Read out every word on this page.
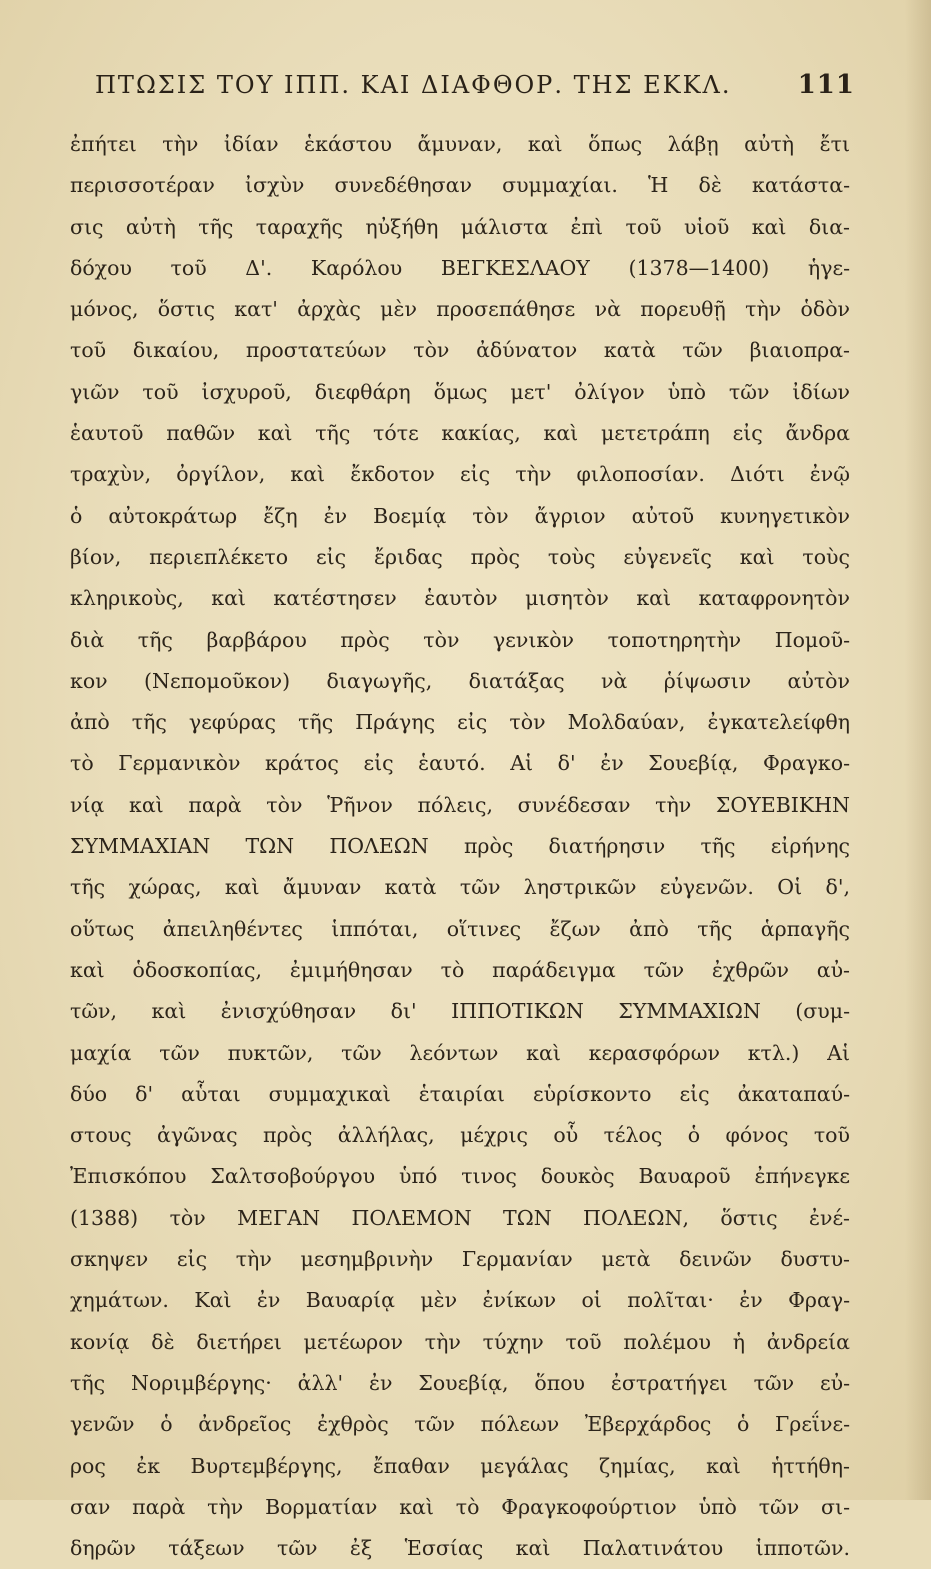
ΠΤΩΣΙΣ ΤΟΥ ΙΠΠ. ΚΑΙ ΔΙΑΦΘΟΡ. ΤΗΣ ΕΚΚΛ.	111
ἐπήτει τὴν ἰδίαν ἑκάστου ἄμυναν, καὶ ὅπως λάβῃ αὐτὴ ἔτι
περισσοτέραν ἰσχὺν συνεδέθησαν συμμαχίαι. Ἡ δὲ κατάστα-
σις αὐτὴ τῆς ταραχῆς ηὐξήθη μάλιστα ἐπὶ τοῦ υἱοῦ καὶ δια-
δόχου τοῦ Δ'. Καρόλου ΒΕΓΚΕΣΛΑΟΥ (1378—1400) ἡγε-
μόνος, ὅστις κατ' ἀρχὰς μὲν προσεπάθησε νὰ πορευθῇ τὴν ὁδὸν
τοῦ δικαίου, προστατεύων τὸν ἀδύνατον κατὰ τῶν βιαιοπρα-
γιῶν τοῦ ἰσχυροῦ, διεφθάρη ὅμως μετ' ὀλίγον ὑπὸ τῶν ἰδίων
ἑαυτοῦ παθῶν καὶ τῆς τότε κακίας, καὶ μετετράπη εἰς ἄνδρα
τραχὺν, ὀργίλον, καὶ ἔκδοτον εἰς τὴν φιλοποσίαν. Διότι ἐνῷ
ὁ αὐτοκράτωρ ἔζη ἐν Βοεμίᾳ τὸν ἄγριον αὐτοῦ κυνηγετικὸν
βίον, περιεπλέκετο εἰς ἔριδας πρὸς τοὺς εὐγενεῖς καὶ τοὺς
κληρικοὺς, καὶ κατέστησεν ἑαυτὸν μισητὸν καὶ καταφρονητὸν
διὰ τῆς βαρβάρου πρὸς τὸν γενικὸν τοποτηρητὴν Πομοῦ-
κον (Νεπομοῦκον) διαγωγῆς, διατάξας νὰ ῥίψωσιν αὐτὸν
ἀπὸ τῆς γεφύρας τῆς Πράγης εἰς τὸν Μολδαύαν, ἐγκατελείφθη
τὸ Γερμανικὸν κράτος εἰς ἑαυτό. Αἱ δ' ἐν Σουεβίᾳ, Φραγκο-
νίᾳ καὶ παρὰ τὸν Ῥῆνον πόλεις, συνέδεσαν τὴν ΣΟΥΕΒΙΚΗΝ
ΣΥΜΜΑΧΙΑΝ ΤΩΝ ΠΟΛΕΩΝ πρὸς διατήρησιν τῆς εἰρήνης
τῆς χώρας, καὶ ἄμυναν κατὰ τῶν ληστρικῶν εὐγενῶν. Οἱ δ',
οὕτως ἀπειληθέντες ἱππόται, οἵτινες ἔζων ἀπὸ τῆς ἁρπαγῆς
καὶ ὁδοσκοπίας, ἐμιμήθησαν τὸ παράδειγμα τῶν ἐχθρῶν αὐ-
τῶν, καὶ ἐνισχύθησαν δι' ΙΠΠΟΤΙΚΩΝ ΣΥΜΜΑΧΙΩΝ (συμ-
μαχία τῶν πυκτῶν, τῶν λεόντων καὶ κερασφόρων κτλ.) Αἱ
δύο δ' αὗται συμμαχικαὶ ἑταιρίαι εὑρίσκοντο εἰς ἀκαταπαύ-
στους ἀγῶνας πρὸς ἀλλήλας, μέχρις οὗ τέλος ὁ φόνος τοῦ
Ἐπισκόπου Σαλτσοβούργου ὑπό τινος δουκὸς Βαυαροῦ ἐπήνεγκε
(1388) τὸν ΜΕΓΑΝ ΠΟΛΕΜΟΝ ΤΩΝ ΠΟΛΕΩΝ, ὅστις ἐνέ-
σκηψεν εἰς τὴν μεσημβρινὴν Γερμανίαν μετὰ δεινῶν δυστυ-
χημάτων. Καὶ ἐν Βαυαρίᾳ μὲν ἐνίκων οἱ πολῖται· ἐν Φραγ-
κονίᾳ δὲ διετήρει μετέωρον τὴν τύχην τοῦ πολέμου ἡ ἀνδρεία
τῆς Νοριμβέργης· ἀλλ' ἐν Σουεβίᾳ, ὅπου ἐστρατήγει τῶν εὐ-
γενῶν ὁ ἀνδρεῖος ἐχθρὸς τῶν πόλεων Ἐβερχάρδος ὁ Γρεΐνε-
ρος ἐκ Βυρτεμβέργης, ἔπαθαν μεγάλας ζημίας, καὶ ἡττήθη-
σαν παρὰ τὴν Βορματίαν καὶ τὸ Φραγκοφούρτιον ὑπὸ τῶν σι-
δηρῶν τάξεων τῶν ἐξ Ἑσσίας καὶ Παλατινάτου ἱπποτῶν.
